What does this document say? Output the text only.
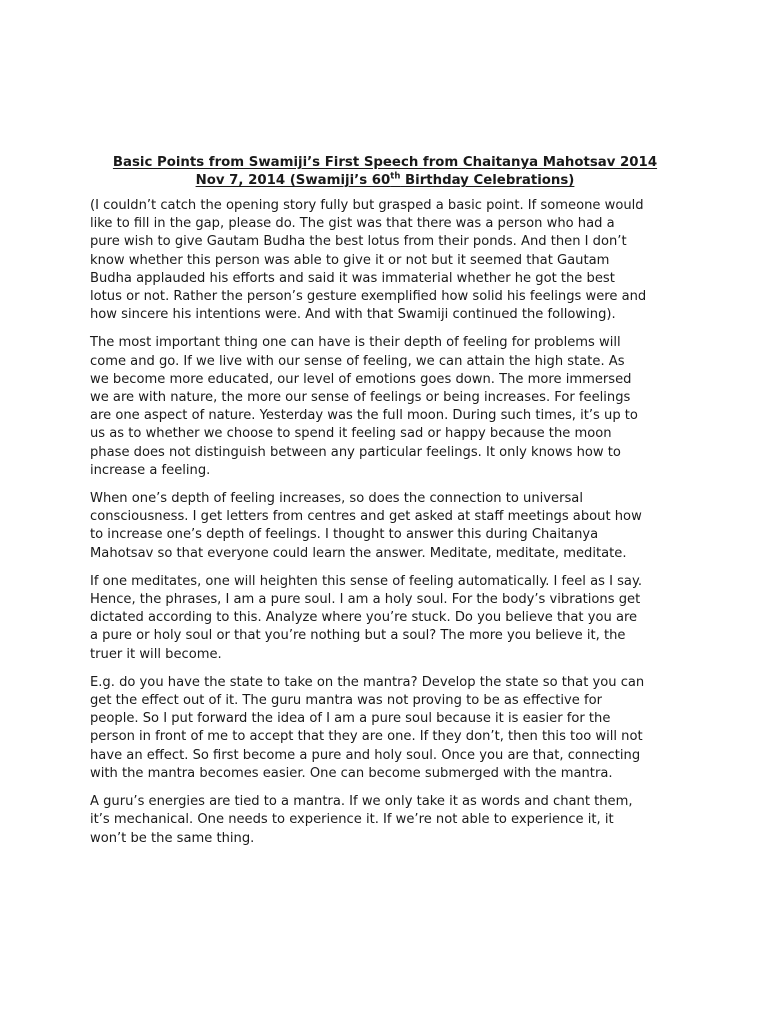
Basic Points from Swamiji’s First Speech from Chaitanya Mahotsav 2014
Nov 7, 2014 (Swamiji’s 60th Birthday Celebrations)

(I couldn’t catch the opening story fully but grasped a basic point. If someone would
like to fill in the gap, please do. The gist was that there was a person who had a
pure wish to give Gautam Budha the best lotus from their ponds. And then I don’t
know whether this person was able to give it or not but it seemed that Gautam
Budha applauded his efforts and said it was immaterial whether he got the best
lotus or not. Rather the person’s gesture exemplified how solid his feelings were and
how sincere his intentions were. And with that Swamiji continued the following).

The most important thing one can have is their depth of feeling for problems will
come and go. If we live with our sense of feeling, we can attain the high state. As
we become more educated, our level of emotions goes down. The more immersed
we are with nature, the more our sense of feelings or being increases. For feelings
are one aspect of nature. Yesterday was the full moon. During such times, it’s up to
us as to whether we choose to spend it feeling sad or happy because the moon
phase does not distinguish between any particular feelings. It only knows how to
increase a feeling.

When one’s depth of feeling increases, so does the connection to universal
consciousness. I get letters from centres and get asked at staff meetings about how
to increase one’s depth of feelings. I thought to answer this during Chaitanya
Mahotsav so that everyone could learn the answer. Meditate, meditate, meditate.

If one meditates, one will heighten this sense of feeling automatically. I feel as I say.
Hence, the phrases, I am a pure soul. I am a holy soul. For the body’s vibrations get
dictated according to this. Analyze where you’re stuck. Do you believe that you are
a pure or holy soul or that you’re nothing but a soul? The more you believe it, the
truer it will become.

E.g. do you have the state to take on the mantra? Develop the state so that you can
get the effect out of it. The guru mantra was not proving to be as effective for
people. So I put forward the idea of I am a pure soul because it is easier for the
person in front of me to accept that they are one. If they don’t, then this too will not
have an effect. So first become a pure and holy soul. Once you are that, connecting
with the mantra becomes easier. One can become submerged with the mantra.

A guru’s energies are tied to a mantra. If we only take it as words and chant them,
it’s mechanical. One needs to experience it. If we’re not able to experience it, it
won’t be the same thing.
